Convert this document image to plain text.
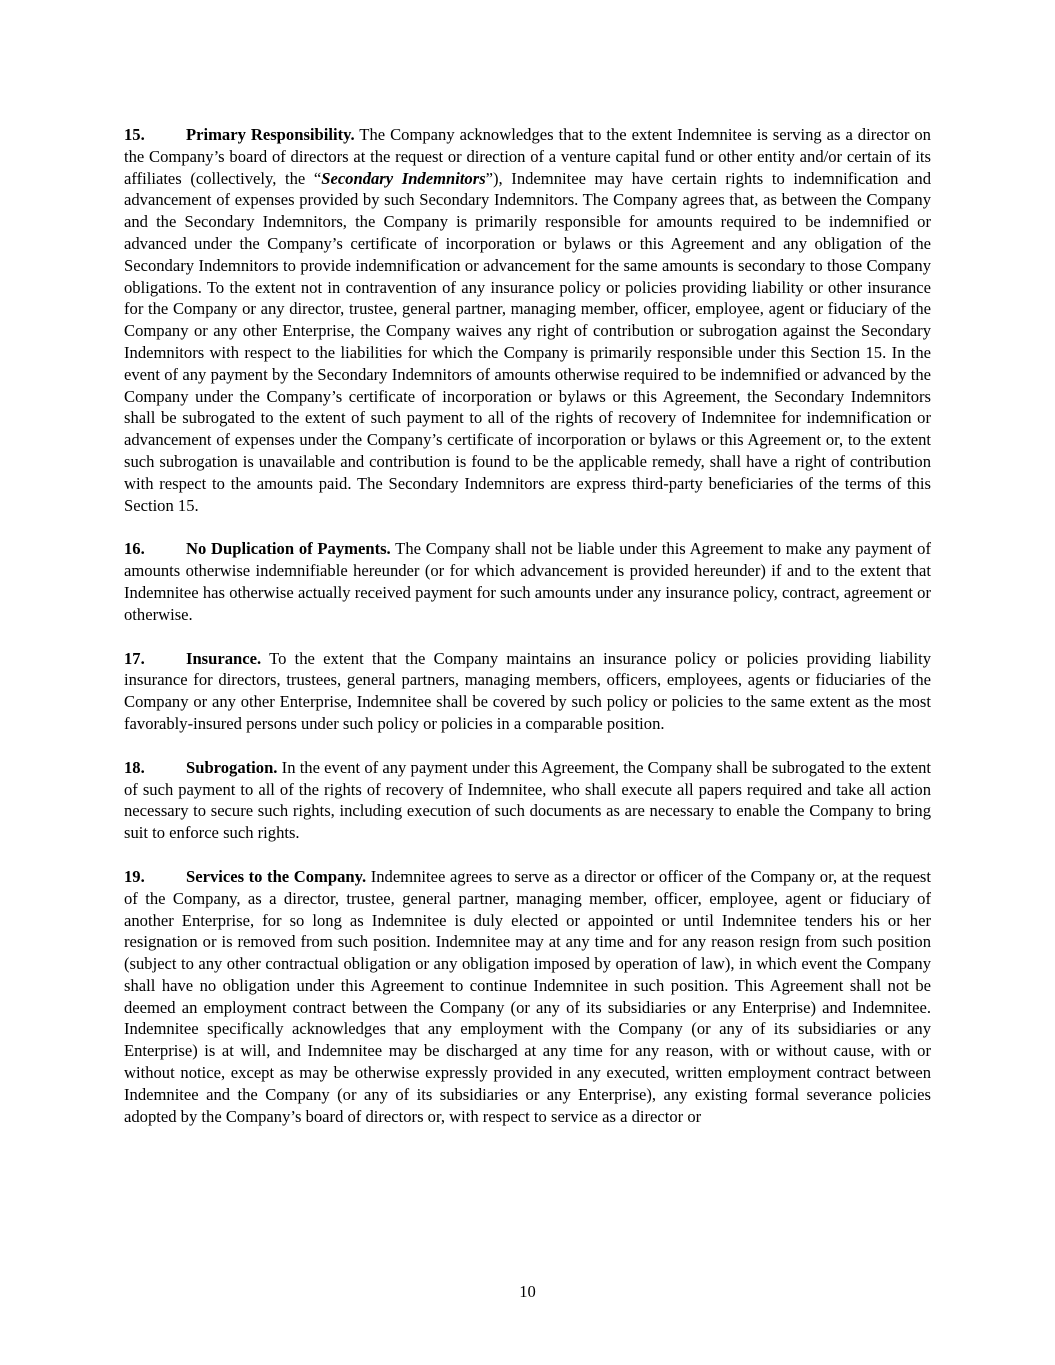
15. Primary Responsibility. The Company acknowledges that to the extent Indemnitee is serving as a director on the Company’s board of directors at the request or direction of a venture capital fund or other entity and/or certain of its affiliates (collectively, the “Secondary Indemnitors”), Indemnitee may have certain rights to indemnification and advancement of expenses provided by such Secondary Indemnitors. The Company agrees that, as between the Company and the Secondary Indemnitors, the Company is primarily responsible for amounts required to be indemnified or advanced under the Company’s certificate of incorporation or bylaws or this Agreement and any obligation of the Secondary Indemnitors to provide indemnification or advancement for the same amounts is secondary to those Company obligations. To the extent not in contravention of any insurance policy or policies providing liability or other insurance for the Company or any director, trustee, general partner, managing member, officer, employee, agent or fiduciary of the Company or any other Enterprise, the Company waives any right of contribution or subrogation against the Secondary Indemnitors with respect to the liabilities for which the Company is primarily responsible under this Section 15. In the event of any payment by the Secondary Indemnitors of amounts otherwise required to be indemnified or advanced by the Company under the Company’s certificate of incorporation or bylaws or this Agreement, the Secondary Indemnitors shall be subrogated to the extent of such payment to all of the rights of recovery of Indemnitee for indemnification or advancement of expenses under the Company’s certificate of incorporation or bylaws or this Agreement or, to the extent such subrogation is unavailable and contribution is found to be the applicable remedy, shall have a right of contribution with respect to the amounts paid. The Secondary Indemnitors are express third-party beneficiaries of the terms of this Section 15.

16. No Duplication of Payments. The Company shall not be liable under this Agreement to make any payment of amounts otherwise indemnifiable hereunder (or for which advancement is provided hereunder) if and to the extent that Indemnitee has otherwise actually received payment for such amounts under any insurance policy, contract, agreement or otherwise.

17. Insurance. To the extent that the Company maintains an insurance policy or policies providing liability insurance for directors, trustees, general partners, managing members, officers, employees, agents or fiduciaries of the Company or any other Enterprise, Indemnitee shall be covered by such policy or policies to the same extent as the most favorably-insured persons under such policy or policies in a comparable position.

18. Subrogation. In the event of any payment under this Agreement, the Company shall be subrogated to the extent of such payment to all of the rights of recovery of Indemnitee, who shall execute all papers required and take all action necessary to secure such rights, including execution of such documents as are necessary to enable the Company to bring suit to enforce such rights.

19. Services to the Company. Indemnitee agrees to serve as a director or officer of the Company or, at the request of the Company, as a director, trustee, general partner, managing member, officer, employee, agent or fiduciary of another Enterprise, for so long as Indemnitee is duly elected or appointed or until Indemnitee tenders his or her resignation or is removed from such position. Indemnitee may at any time and for any reason resign from such position (subject to any other contractual obligation or any obligation imposed by operation of law), in which event the Company shall have no obligation under this Agreement to continue Indemnitee in such position. This Agreement shall not be deemed an employment contract between the Company (or any of its subsidiaries or any Enterprise) and Indemnitee. Indemnitee specifically acknowledges that any employment with the Company (or any of its subsidiaries or any Enterprise) is at will, and Indemnitee may be discharged at any time for any reason, with or without cause, with or without notice, except as may be otherwise expressly provided in any executed, written employment contract between Indemnitee and the Company (or any of its subsidiaries or any Enterprise), any existing formal severance policies adopted by the Company’s board of directors or, with respect to service as a director or

10
